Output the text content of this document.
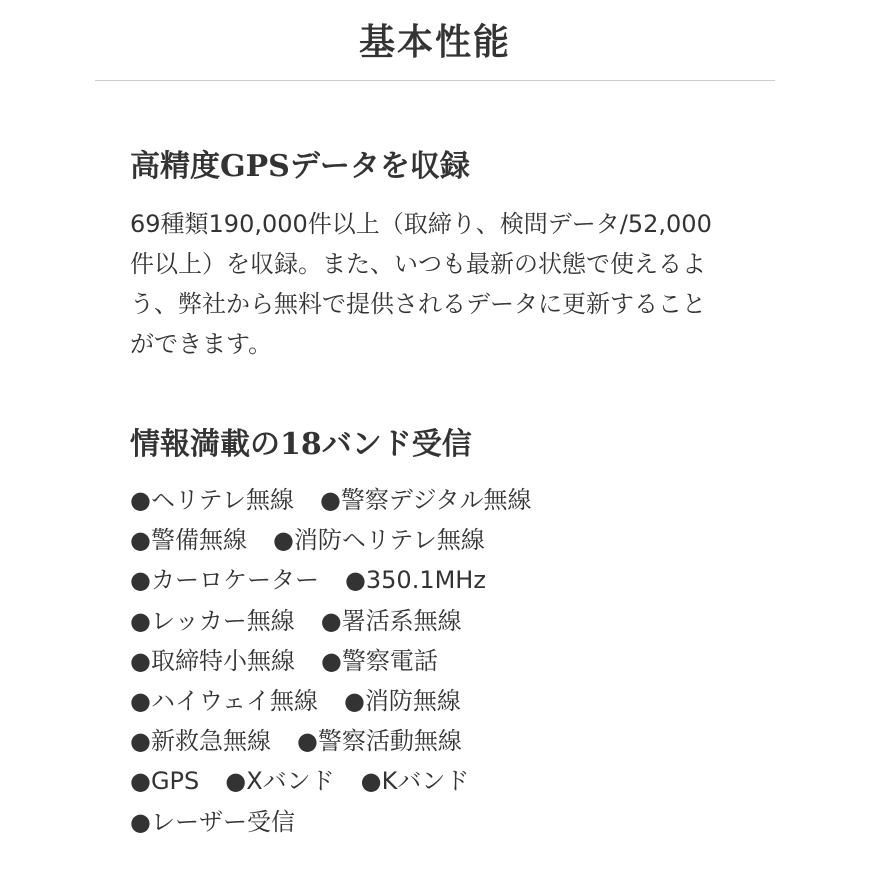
基本性能
高精度GPSデータを収録
69種類190,000件以上（取締り、検問データ/52,000
件以上）を収録。また、いつも最新の状態で使えるよ
う、弊社から無料で提供されるデータに更新すること
ができます。
情報満載の18バンド受信
●ヘリテレ無線 ●警察デジタル無線
●警備無線 ●消防ヘリテレ無線
●カーロケーター ●350.1MHz
●レッカー無線 ●署活系無線
●取締特小無線 ●警察電話
●ハイウェイ無線 ●消防無線
●新救急無線 ●警察活動無線
●GPS ●Xバンド ●Kバンド
●レーザー受信
